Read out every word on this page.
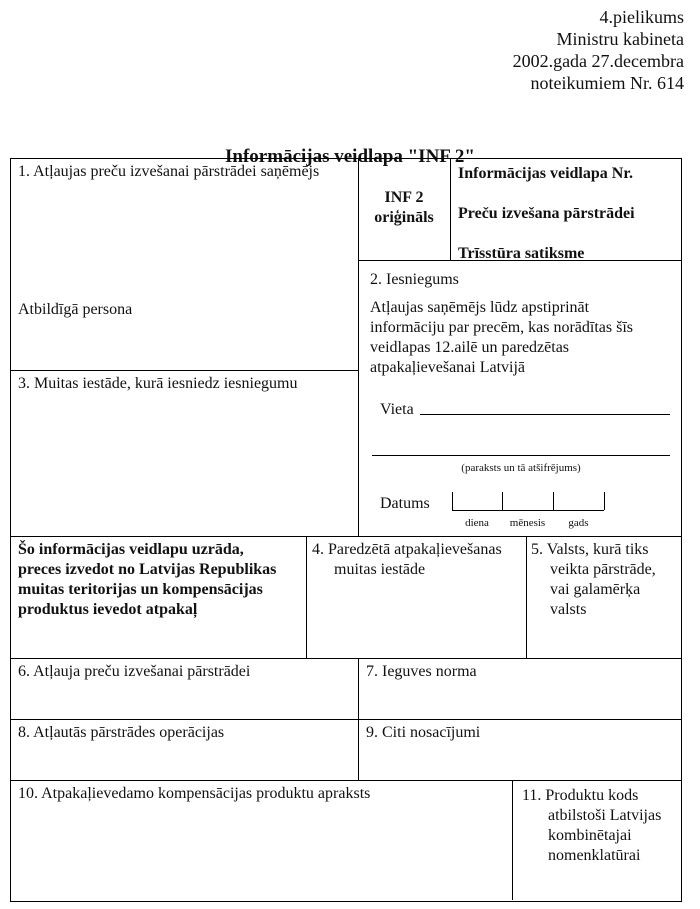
4.pielikums
Ministru kabineta
2002.gada 27.decembra
noteikumiem Nr. 614
Informācijas veidlapa "INF 2"
1. Atļaujas preču izvešanai pārstrādei saņēmējs
Atbildīgā persona
INF 2
oriģināls
Informācijas veidlapa Nr.
Preču izvešana pārstrādei
Trīsstūra satiksme
2. Iesniegums
Atļaujas saņēmējs lūdz apstiprināt
informāciju par precēm, kas norādītas šīs
veidlapas 12.ailē un paredzētas
atpakaļievešanai Latvijā
Vieta
(paraksts un tā atšifrējums)
Datums
diena	mēnesis	gads
3. Muitas iestāde, kurā iesniedz iesniegumu
Šo informācijas veidlapu uzrāda,
preces izvedot no Latvijas Republikas
muitas teritorijas un kompensācijas
produktus ievedot atpakaļ
4. Paredzētā atpakaļievešanas
muitas iestāde
5. Valsts, kurā tiks
veikta pārstrāde,
vai galamērķa
valsts
6. Atļauja preču izvešanai pārstrādei	7. Ieguves norma
8. Atļautās pārstrādes operācijas	9. Citi nosacījumi
10. Atpakaļievedamo kompensācijas produktu apraksts	11. Produktu kods
atbilstoši Latvijas
kombinētajai
nomenklatūrai
